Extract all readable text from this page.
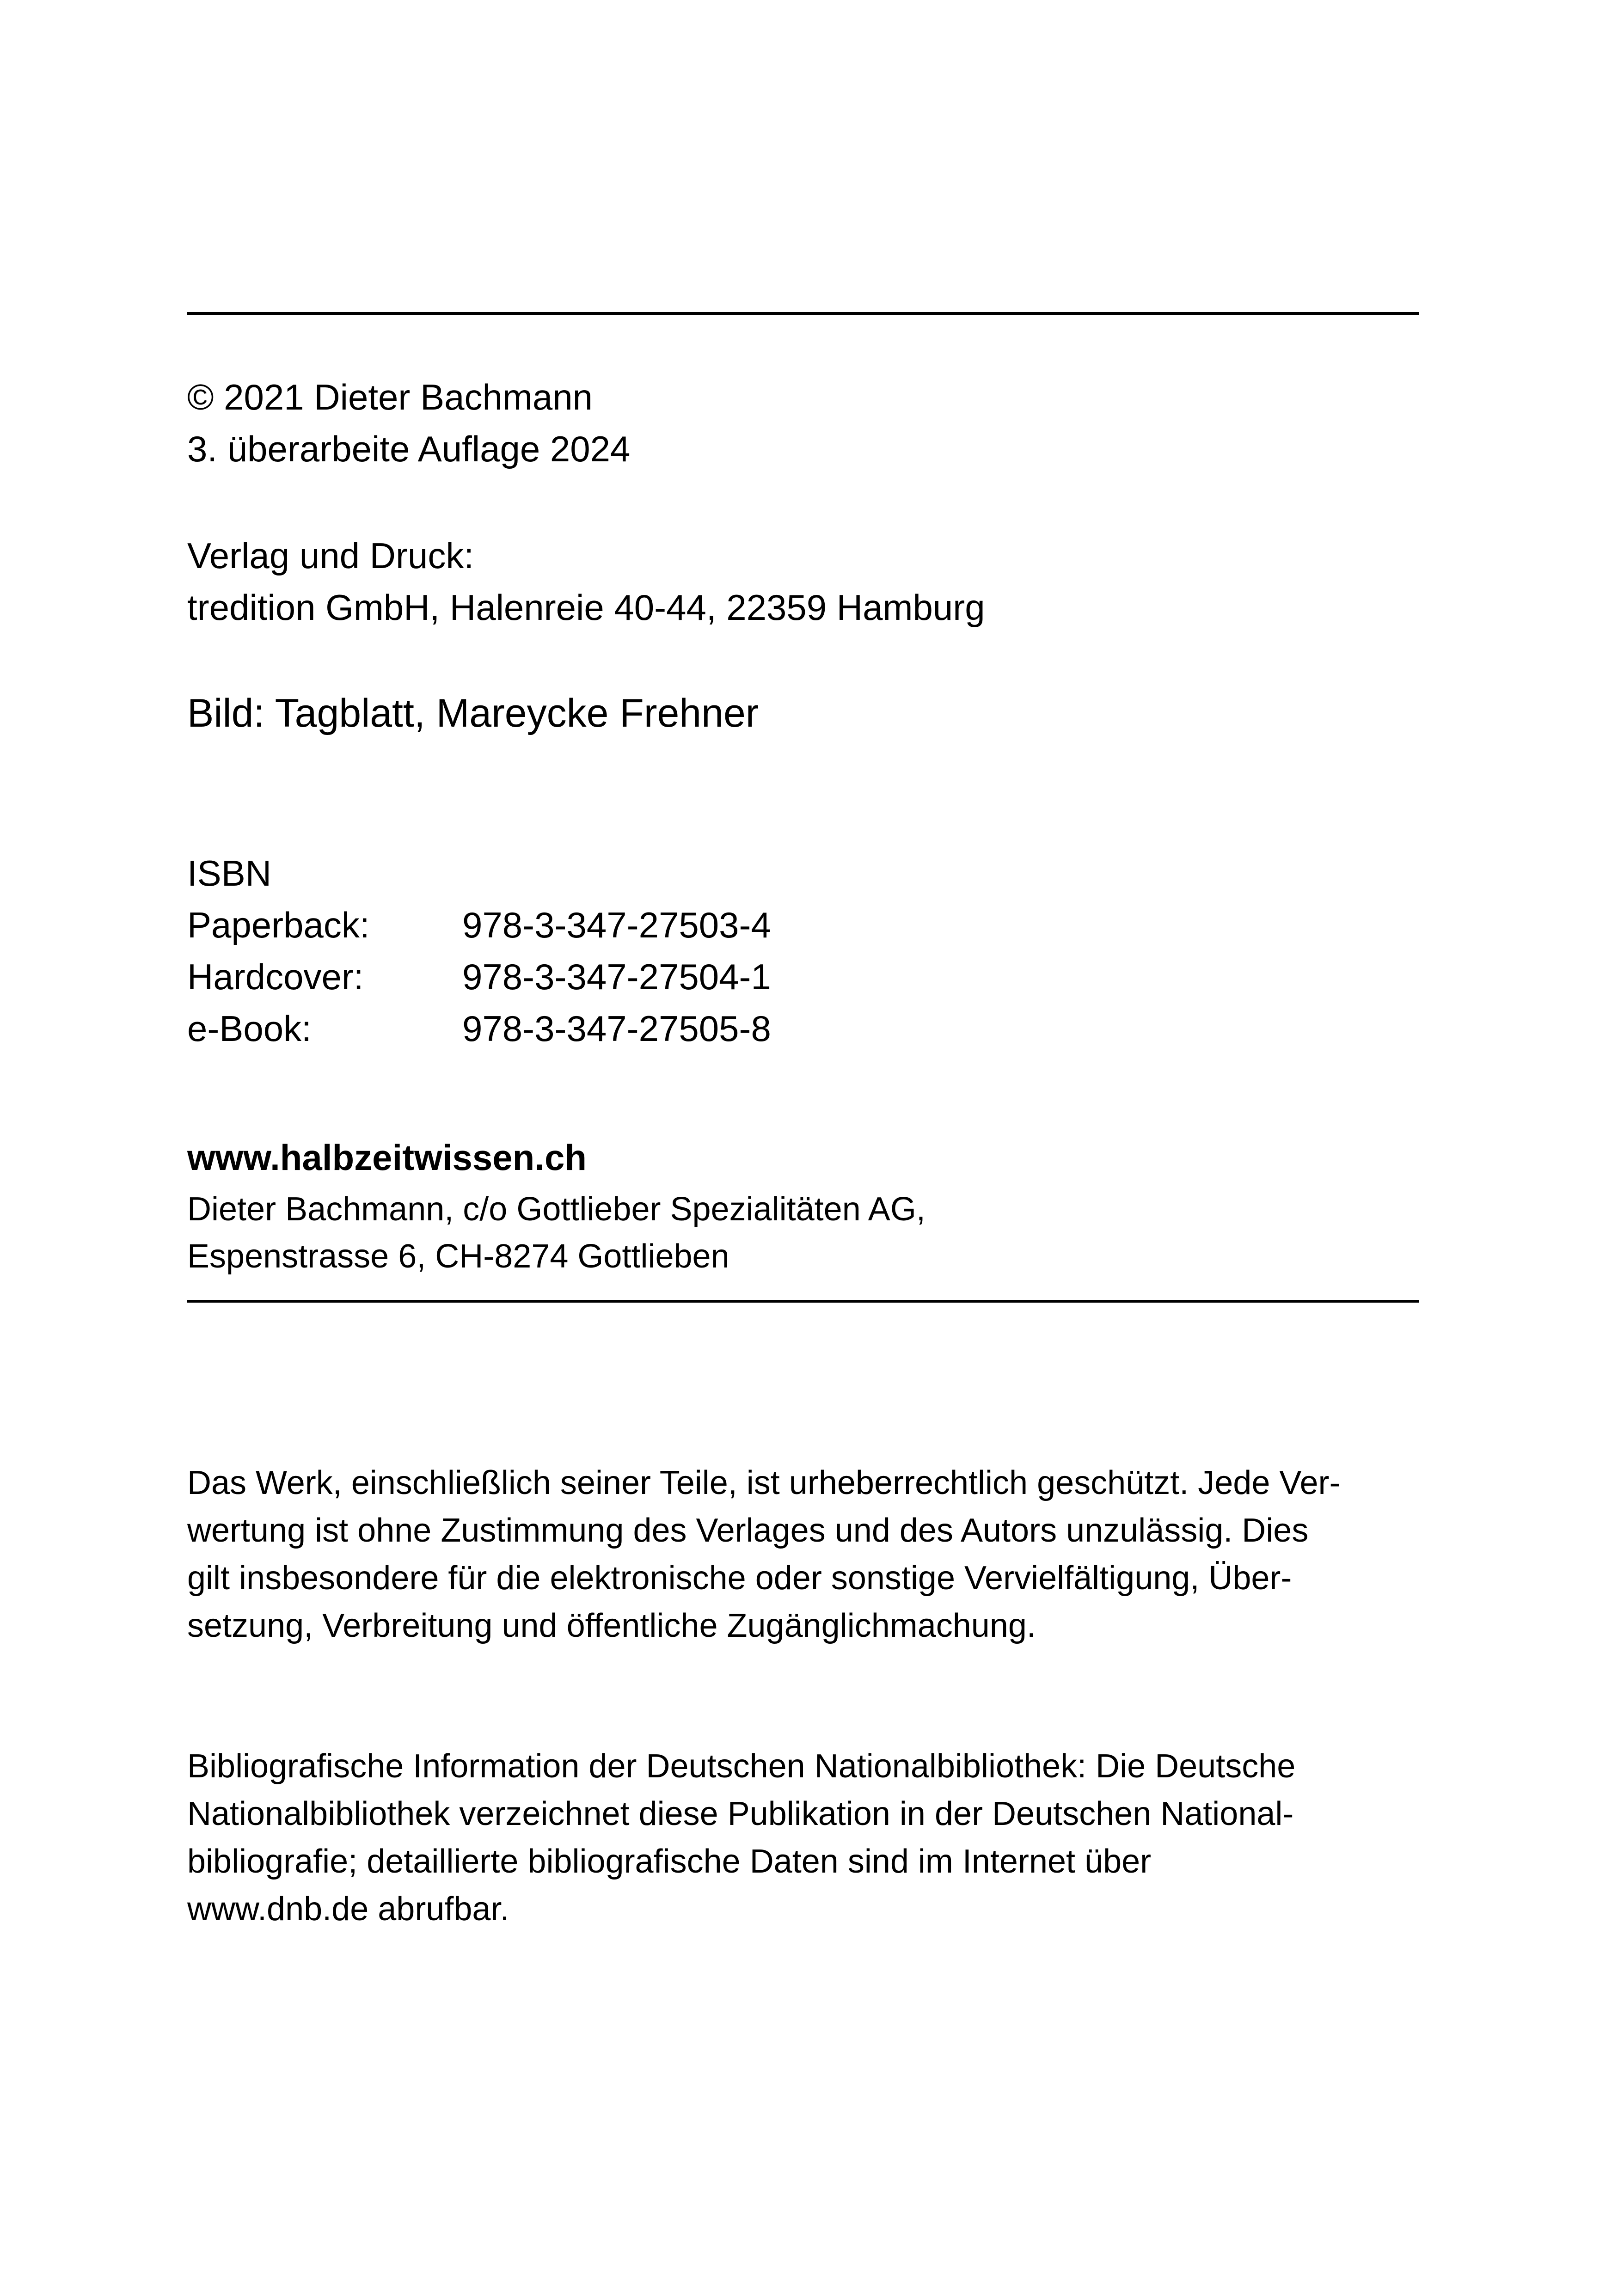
© 2021 Dieter Bachmann
3. überarbeite Auflage 2024
Verlag und Druck:
tredition GmbH, Halenreie 40-44, 22359 Hamburg
Bild: Tagblatt, Mareycke Frehner
ISBN
Paperback:	978-3-347-27503-4
Hardcover:	978-3-347-27504-1
e-Book:	978-3-347-27505-8
www.halbzeitwissen.ch
Dieter Bachmann, c/o Gottlieber Spezialitäten AG,
Espenstrasse 6, CH-8274 Gottlieben
Das Werk, einschließlich seiner Teile, ist urheberrechtlich geschützt. Jede Ver-
wertung ist ohne Zustimmung des Verlages und des Autors unzulässig. Dies
gilt insbesondere für die elektronische oder sonstige Vervielfältigung, Über-
setzung, Verbreitung und öffentliche Zugänglichmachung.
Bibliografische Information der Deutschen Nationalbibliothek: Die Deutsche
Nationalbibliothek verzeichnet diese Publikation in der Deutschen National-
bibliografie; detaillierte bibliografische Daten sind im Internet über
www.dnb.de abrufbar.
